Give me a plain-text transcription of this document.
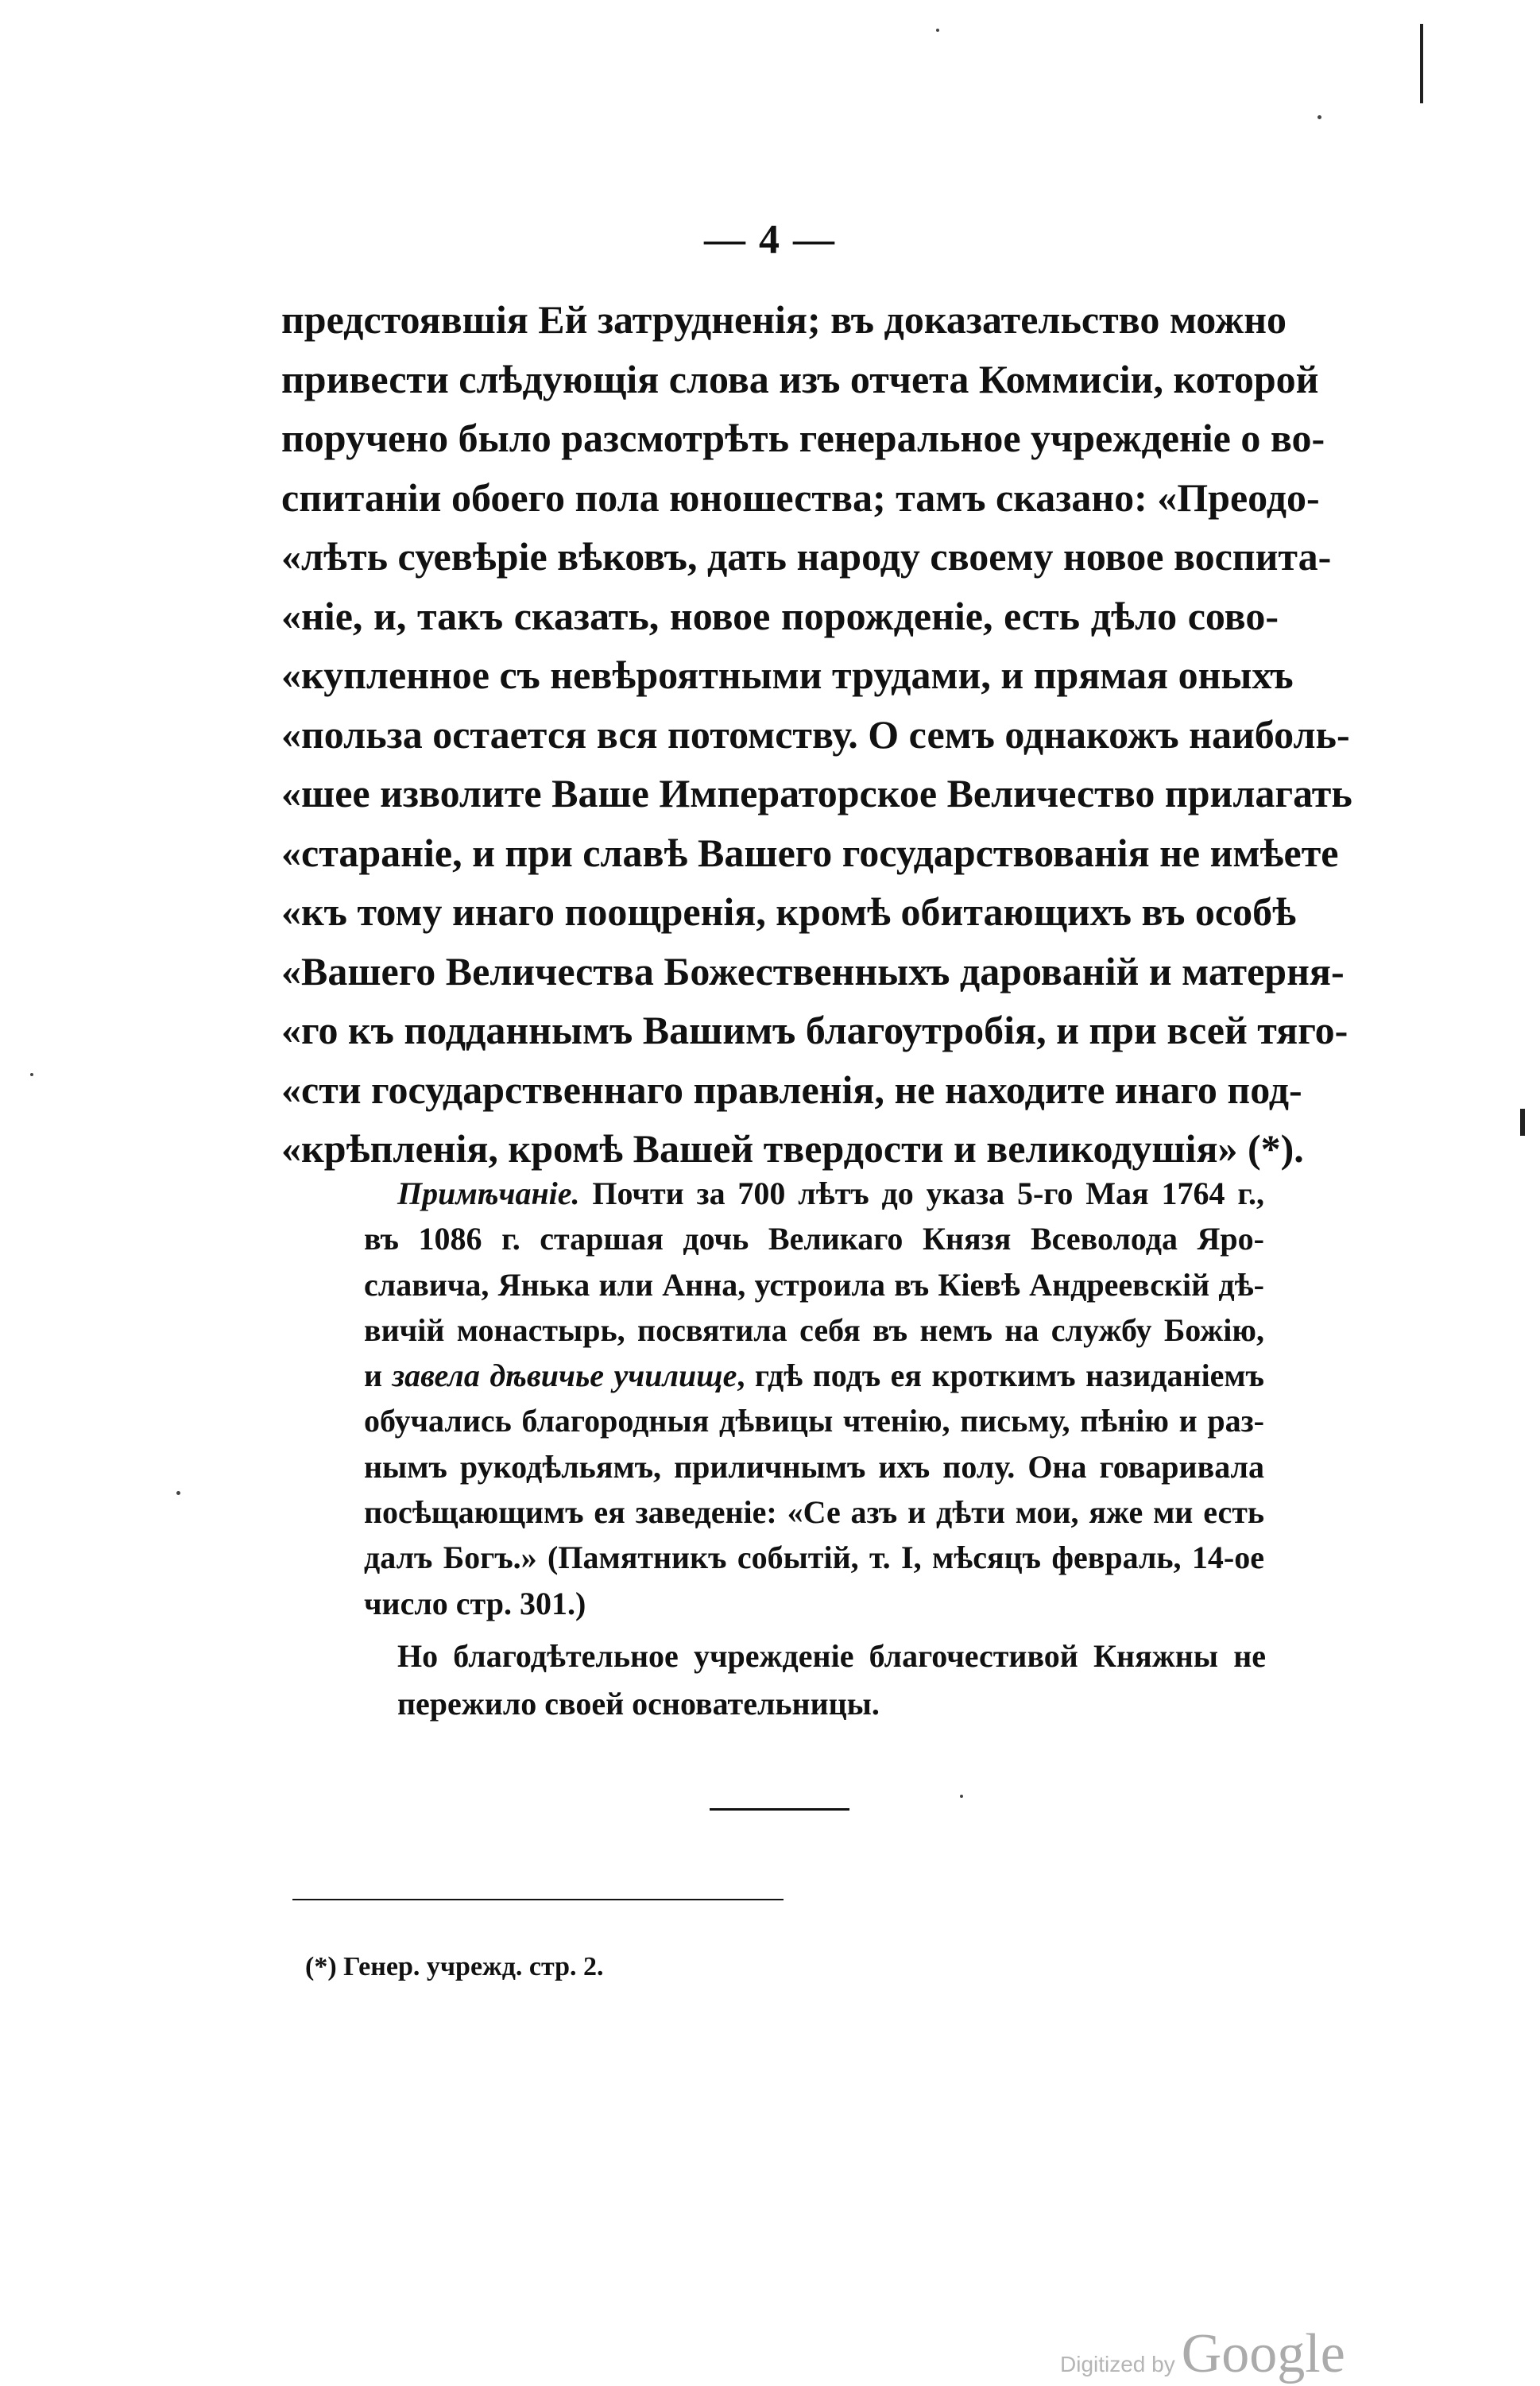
— 4 —
предстоявшія Ей затрудненія; въ доказательство можно
привести слѣдующія слова изъ отчета Коммисіи, которой
поручено было разсмотрѣть генеральное учрежденіе о во-
спитаніи обоего пола юношества; тамъ сказано: «Преодо-
«лѣть суевѣріе вѣковъ, дать народу своему новое воспита-
«ніе, и, такъ сказать, новое порожденіе, есть дѣло сово-
«купленное съ невѣроятными трудами, и прямая оныхъ
«польза остается вся потомству. О семъ однакожъ наиболь-
«шее изволите Ваше Императорское Величество прилагать
«стараніе, и при славѣ Вашего государствованія не имѣете
«къ тому инаго поощренія, кромѣ обитающихъ въ особѣ
«Вашего Величества Божественныхъ дарованій и матерня-
«го къ подданнымъ Вашимъ благоутробія, и при всей тяго-
«сти государственнаго правленія, не находите инаго под-
«крѣпленія, кромѣ Вашей твердости и великодушія» (*).
Примѣчаніе. Почти за 700 лѣтъ до указа 5-го Мая 1764 г.,
въ 1086 г. старшая дочь Великаго Князя Всеволода Яро-
славича, Янька или Анна, устроила въ Кіевѣ Андреевскій дѣ-
вичій монастырь, посвятила себя въ немъ на службу Божію,
и завела дѣвичье училище, гдѣ подъ ея кроткимъ назиданіемъ
обучались благородныя дѣвицы чтенію, письму, пѣнію и раз-
нымъ рукодѣльямъ, приличнымъ ихъ полу. Она говаривала
посѣщающимъ ея заведеніе: «Се азъ и дѣти мои, яже ми есть
далъ Богъ.» (Памятникъ событій, т. I, мѣсяцъ февраль, 14-ое
число стр. 301.)
Но благодѣтельное учрежденіе благочестивой Княжны не
пережило своей основательницы.
(*) Генер. учрежд. стр. 2.
Digitized by Google
